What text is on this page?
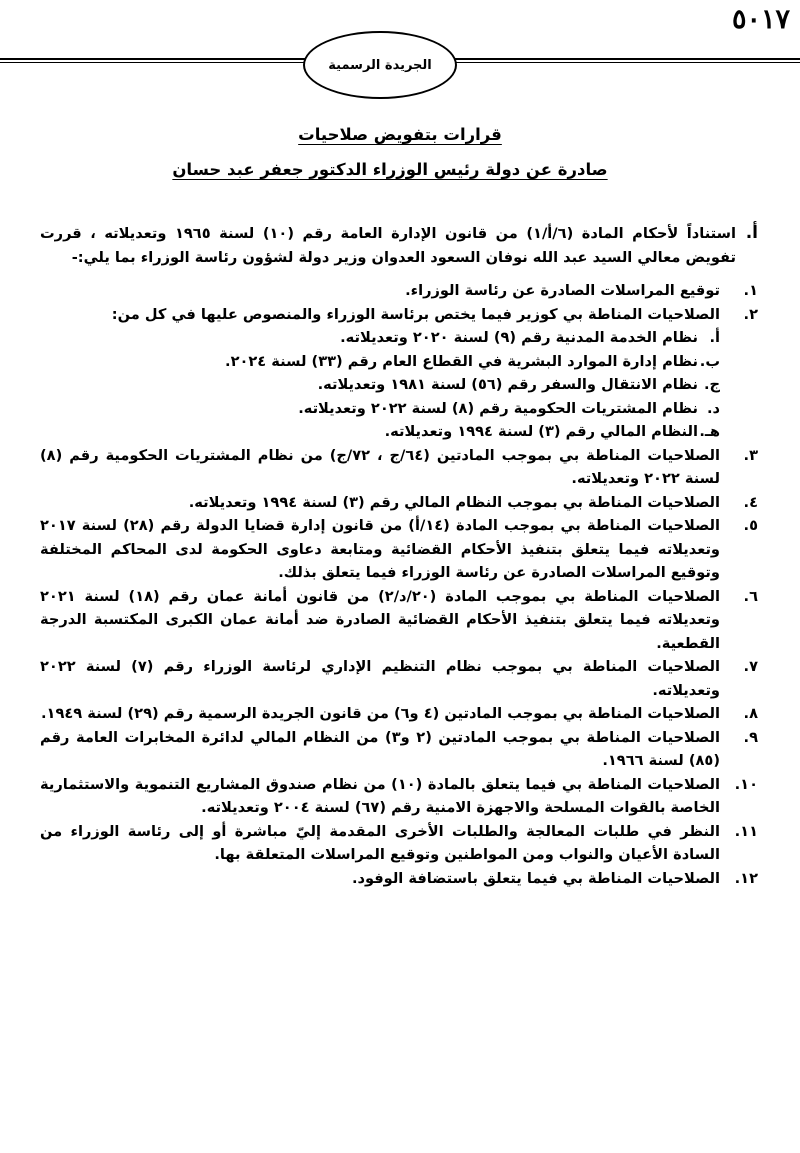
٥٠١٧
الجريدة الرسمية
قرارات بتفويض صلاحيات
صادرة عن دولة رئيس الوزراء الدكتور جعفر عبد حسان
أ.
استناداً لأحكام المادة (٦/أ/١) من قانون الإدارة العامة رقم (١٠) لسنة ١٩٦٥ وتعديلاته ، قررت تفويض معالي السيد عبد الله نوفان السعود العدوان وزير دولة لشؤون رئاسة الوزراء بما يلي:-
١.
توقيع المراسلات الصادرة عن رئاسة الوزراء.
٢.
الصلاحيات المناطة بي كوزير فيما يختص برئاسة الوزراء والمنصوص عليها في كل من:
أ.
نظام الخدمة المدنية رقم (٩) لسنة ٢٠٢٠ وتعديلاته.
ب.
نظام إدارة الموارد البشرية في القطاع العام رقم (٣٣) لسنة ٢٠٢٤.
ج.
نظام الانتقال والسفر رقم (٥٦) لسنة ١٩٨١ وتعديلاته.
د.
نظام المشتريات الحكومية رقم (٨) لسنة ٢٠٢٢ وتعديلاته.
هـ.
النظام المالي رقم (٣) لسنة ١٩٩٤ وتعديلاته.
٣.
الصلاحيات المناطة بي بموجب المادتين (٦٤/ج ، ٧٢/ج) من نظام المشتريات الحكومية رقم (٨) لسنة ٢٠٢٢ وتعديلاته.
٤.
الصلاحيات المناطة بي بموجب النظام المالي رقم (٣) لسنة ١٩٩٤ وتعديلاته.
٥.
الصلاحيات المناطة بي بموجب المادة (١٤/أ) من قانون إدارة قضايا الدولة رقم (٢٨) لسنة ٢٠١٧ وتعديلاته فيما يتعلق بتنفيذ الأحكام القضائية ومتابعة دعاوى الحكومة لدى المحاكم المختلفة وتوقيع المراسلات الصادرة عن رئاسة الوزراء فيما يتعلق بذلك.
٦.
الصلاحيات المناطة بي بموجب المادة (٢٠/د/٢) من قانون أمانة عمان رقم (١٨) لسنة ٢٠٢١ وتعديلاته فيما يتعلق بتنفيذ الأحكام القضائية الصادرة ضد أمانة عمان الكبرى المكتسبة الدرجة القطعية.
٧.
الصلاحيات المناطة بي بموجب نظام التنظيم الإداري لرئاسة الوزراء رقم (٧) لسنة ٢٠٢٢ وتعديلاته.
٨.
الصلاحيات المناطة بي بموجب المادتين (٤ و٦) من قانون الجريدة الرسمية رقم (٢٩) لسنة ١٩٤٩.
٩.
الصلاحيات المناطة بي بموجب المادتين (٢ و٣) من النظام المالي لدائرة المخابرات العامة رقم (٨٥) لسنة ١٩٦٦.
١٠.
الصلاحيات المناطة بي فيما يتعلق بالمادة (١٠) من نظام صندوق المشاريع التنموية والاستثمارية الخاصة بالقوات المسلحة والاجهزة الامنية رقم (٦٧) لسنة ٢٠٠٤ وتعديلاته.
١١.
النظر في طلبات المعالجة والطلبات الأخرى المقدمة إليّ مباشرة أو إلى رئاسة الوزراء من السادة الأعيان والنواب ومن المواطنين وتوقيع المراسلات المتعلقة بها.
١٢.
الصلاحيات المناطة بي فيما يتعلق باستضافة الوفود.
